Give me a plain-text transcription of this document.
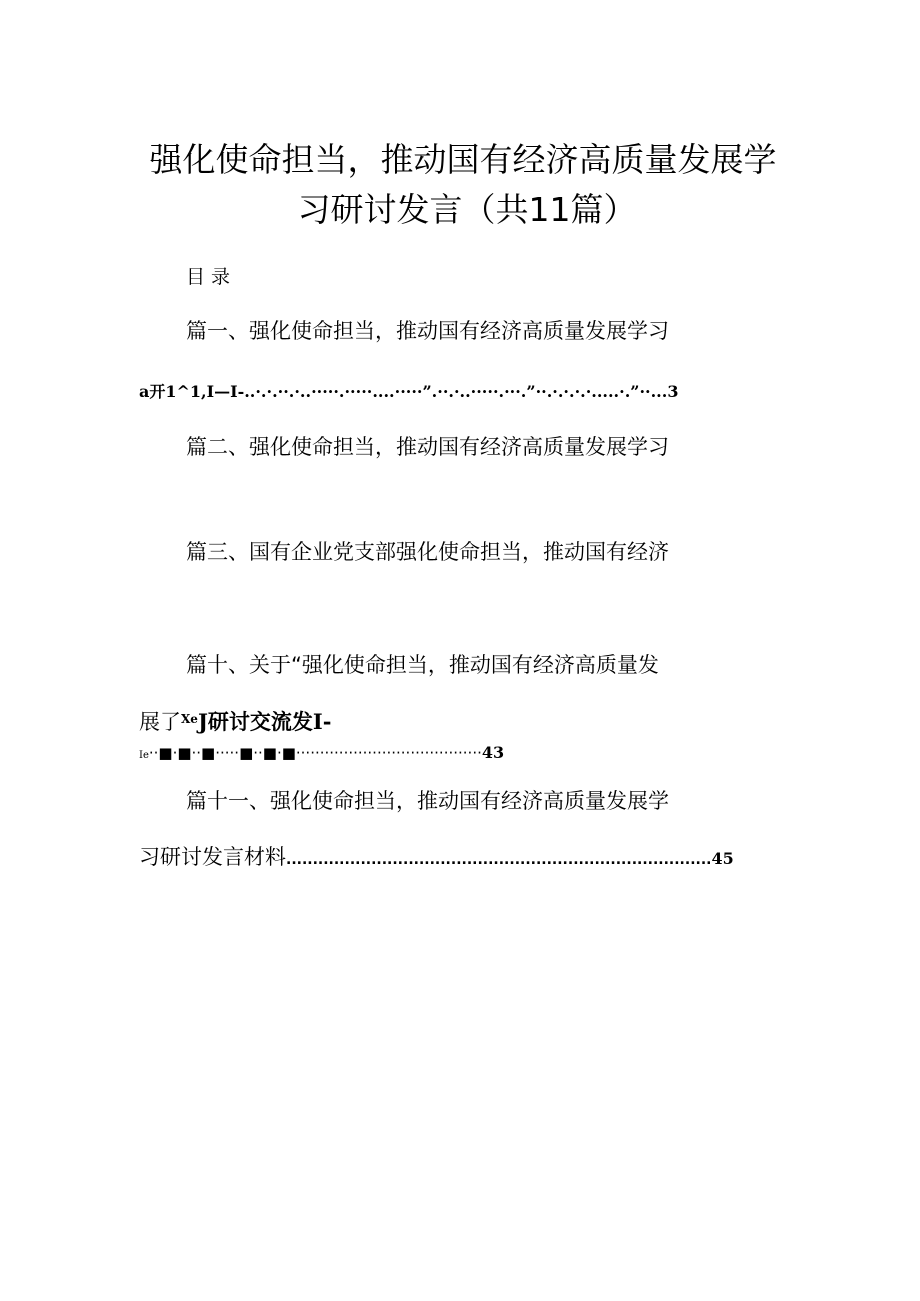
强化使命担当，推动国有经济高质量发展学
习研讨发言（共11篇）
目录
篇一、强化使命担当，推动国有经济高质量发展学习
a开1^1,I—I-..·.·.··.·..·····.·····....·····”.··.·..·····.···.”··.·.·.·.·.....·.”··...3
篇二、强化使命担当，推动国有经济高质量发展学习
篇三、国有企业党支部强化使命担当，推动国有经济
篇十、关于“强化使命担当，推动国有经济高质量发
展了$^{Xe}$J研讨交流发I-
Ie··■·■··■·····■··■·■·······································43
篇十一、强化使命担当，推动国有经济高质量发展学
习研讨发言材料................................................................................45
